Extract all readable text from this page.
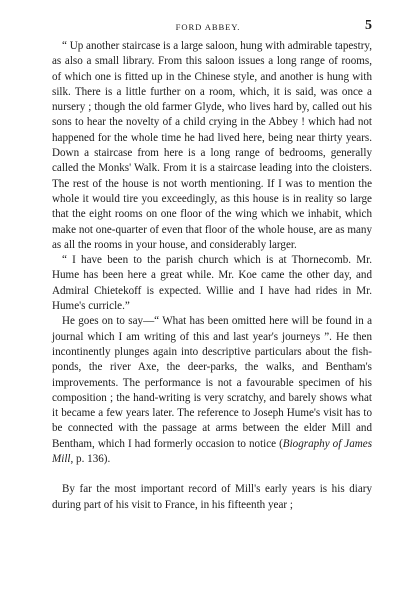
FORD ABBEY.	5

“ Up another staircase is a large saloon, hung with admirable tapestry, as also a small library. From this saloon issues a long range of rooms, of which one is fitted up in the Chinese style, and another is hung with silk. There is a little further on a room, which, it is said, was once a nursery ; though the old farmer Glyde, who lives hard by, called out his sons to hear the novelty of a child crying in the Abbey ! which had not happened for the whole time he had lived here, being near thirty years. Down a staircase from here is a long range of bedrooms, generally called the Monks' Walk. From it is a staircase leading into the cloisters. The rest of the house is not worth mentioning. If I was to mention the whole it would tire you exceedingly, as this house is in reality so large that the eight rooms on one floor of the wing which we inhabit, which make not one-quarter of even that floor of the whole house, are as many as all the rooms in your house, and considerably larger.

“ I have been to the parish church which is at Thornecomb. Mr. Hume has been here a great while. Mr. Koe came the other day, and Admiral Chietekoff is expected. Willie and I have had rides in Mr. Hume's curricle.”

He goes on to say—“ What has been omitted here will be found in a journal which I am writing of this and last year's journeys ”. He then incontinently plunges again into descriptive particulars about the fish-ponds, the river Axe, the deer-parks, the walks, and Bentham's improvements. The performance is not a favourable specimen of his composition ; the hand-writing is very scratchy, and barely shows what it became a few years later. The reference to Joseph Hume's visit has to be connected with the passage at arms between the elder Mill and Bentham, which I had formerly occasion to notice (Biography of James Mill, p. 136).

By far the most important record of Mill's early years is his diary during part of his visit to France, in his fifteenth year ;
